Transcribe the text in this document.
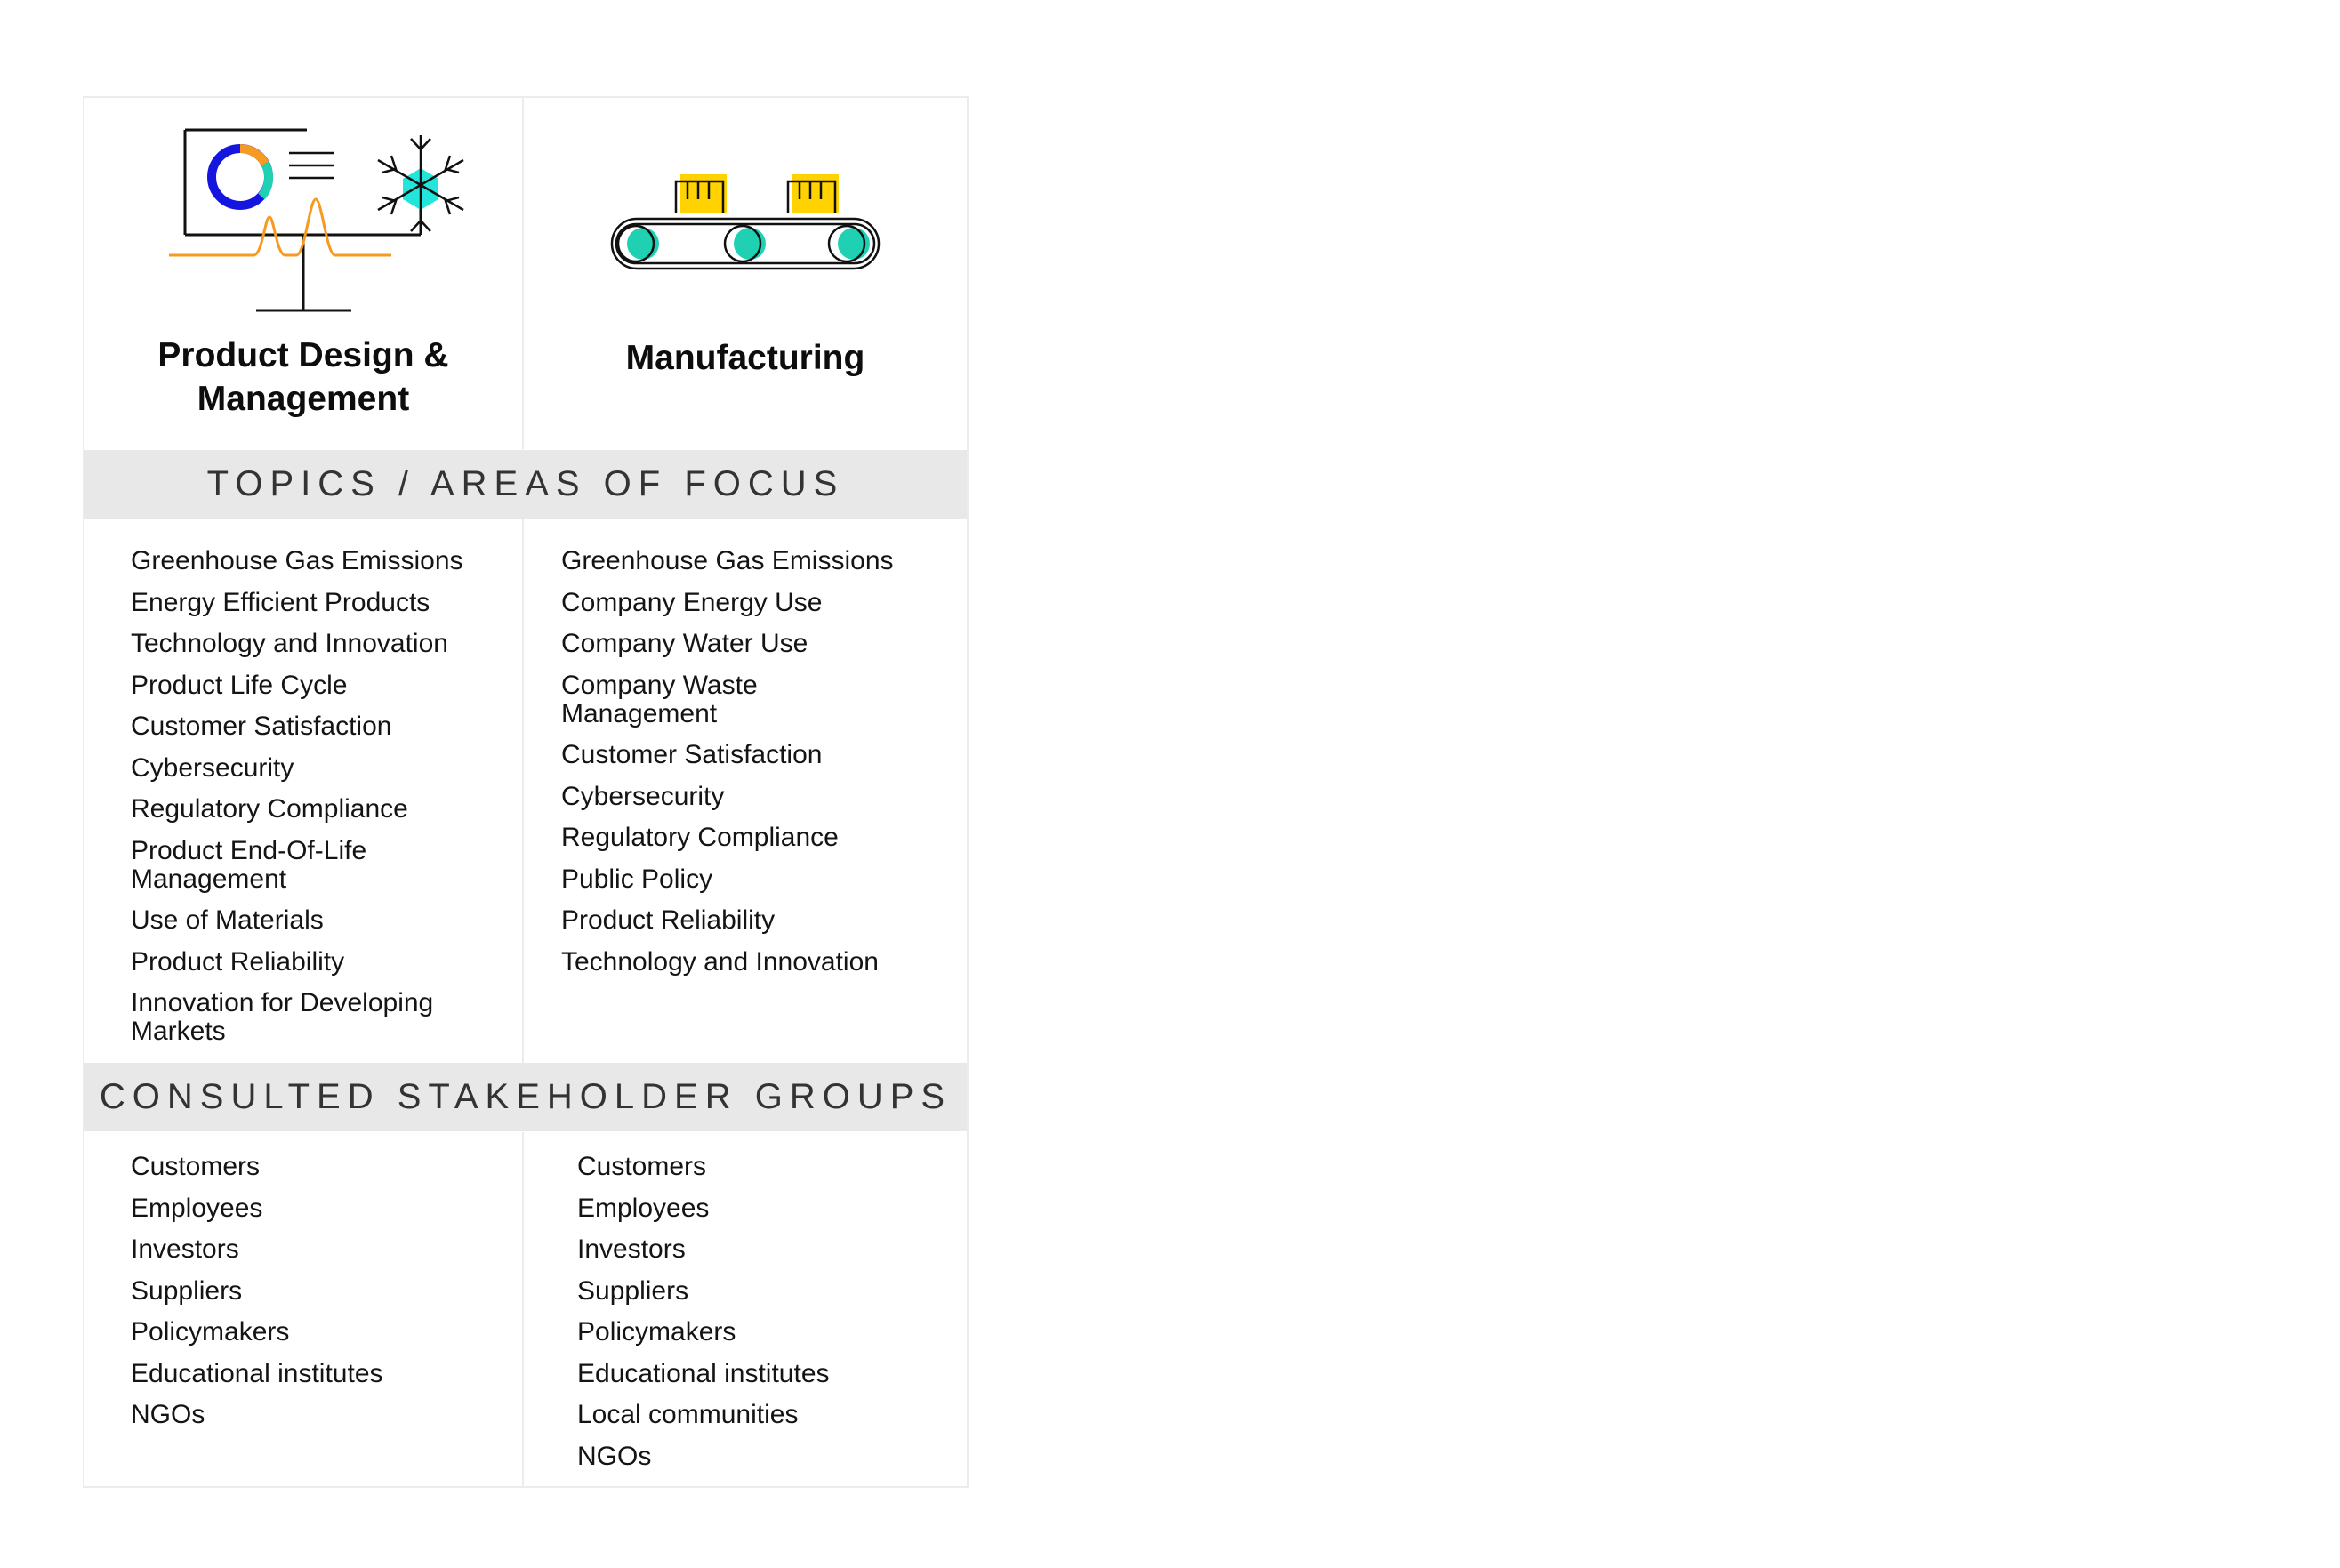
Product Design & Management
Manufacturing
TOPICS / AREAS OF FOCUS
Greenhouse Gas Emissions
Energy Efficient Products
Technology and Innovation
Product Life Cycle
Customer Satisfaction
Cybersecurity
Regulatory Compliance
Product End-Of-Life Management
Use of Materials
Product Reliability
Innovation for Developing Markets
Greenhouse Gas Emissions
Company Energy Use
Company Water Use
Company Waste Management
Customer Satisfaction
Cybersecurity
Regulatory Compliance
Public Policy
Product Reliability
Technology and Innovation
CONSULTED STAKEHOLDER GROUPS
Customers
Employees
Investors
Suppliers
Policymakers
Educational institutes
NGOs
Customers
Employees
Investors
Suppliers
Policymakers
Educational institutes
Local communities
NGOs
